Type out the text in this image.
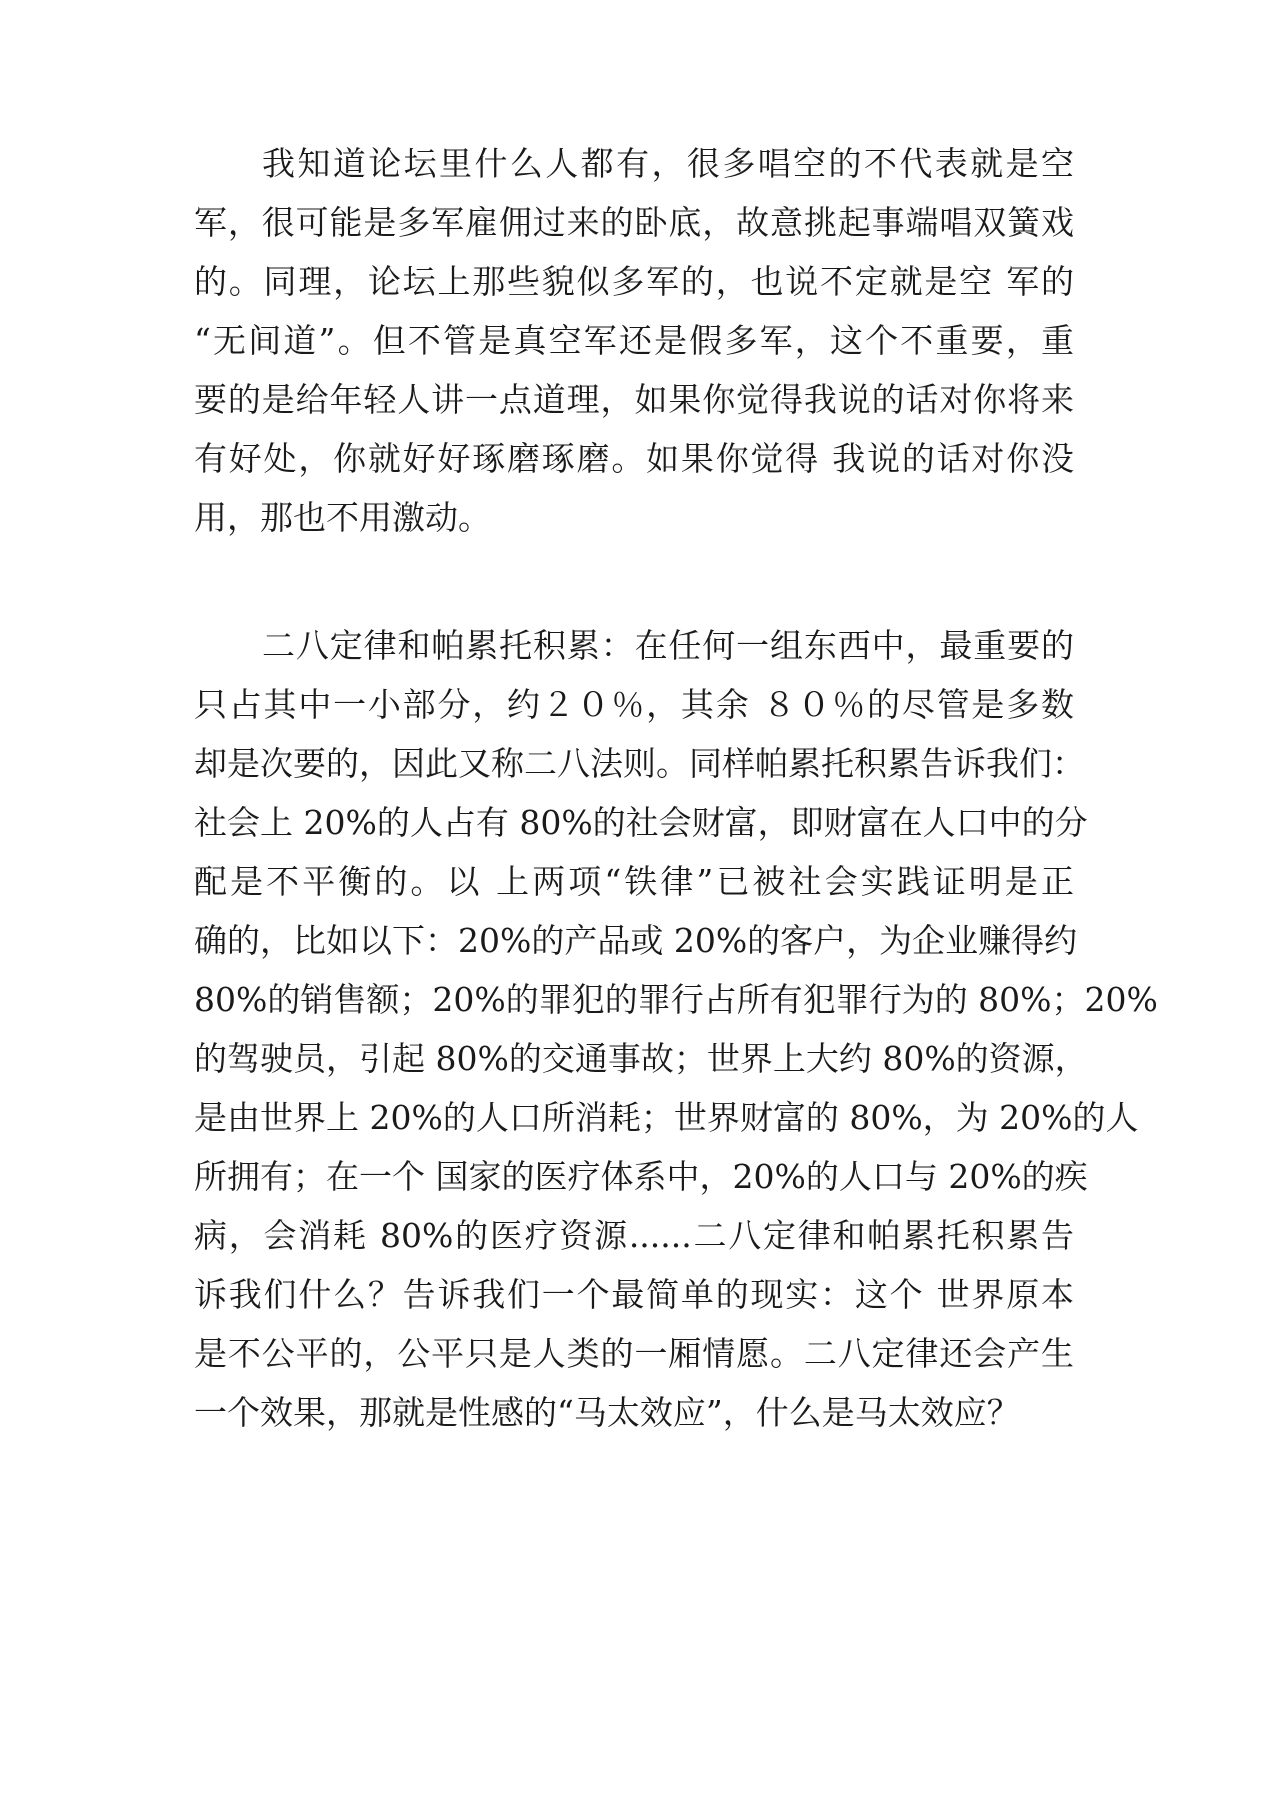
我知道论坛里什么人都有，很多唱空的不代表就是空
军，很可能是多军雇佣过来的卧底，故意挑起事端唱双簧戏
的。同理，论坛上那些貌似多军的，也说不定就是空 军的
“无间道”。但不管是真空军还是假多军，这个不重要，重
要的是给年轻人讲一点道理，如果你觉得我说的话对你将来
有好处，你就好好琢磨琢磨。如果你觉得 我说的话对你没
用，那也不用激动。
二八定律和帕累托积累：在任何一组东西中，最重要的
只占其中一小部分，约２０％，其余 ８０％的尽管是多数
却是次要的，因此又称二八法则。同样帕累托积累告诉我们：
社会上 20%的人占有 80%的社会财富，即财富在人口中的分
配是不平衡的。以 上两项“铁律”已被社会实践证明是正
确的，比如以下：20%的产品或 20%的客户，为企业赚得约
80%的销售额；20%的罪犯的罪行占所有犯罪行为的 80%；20%
的驾驶员，引起 80%的交通事故；世界上大约 80%的资源，
是由世界上 20%的人口所消耗；世界财富的 80%，为 20%的人
所拥有；在一个 国家的医疗体系中，20%的人口与 20%的疾
病，会消耗 80%的医疗资源......二八定律和帕累托积累告
诉我们什么？告诉我们一个最简单的现实：这个 世界原本
是不公平的，公平只是人类的一厢情愿。二八定律还会产生
一个效果，那就是性感的“马太效应”，什么是马太效应？
